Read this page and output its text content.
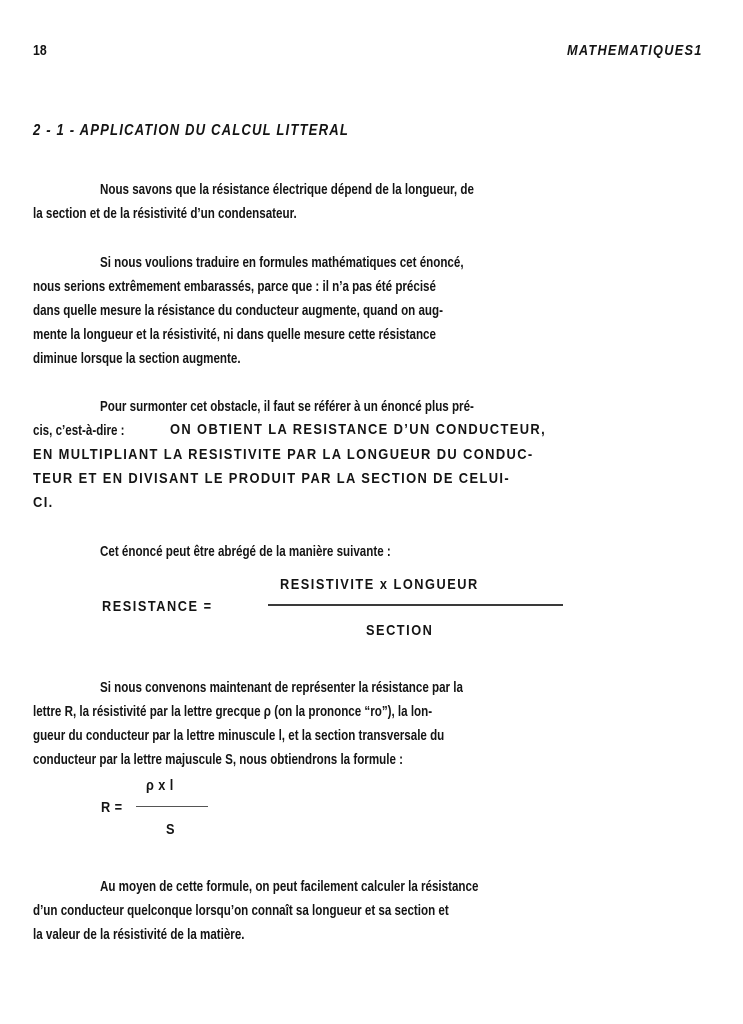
18	MATHEMATIQUES1
2 - 1 - APPLICATION DU CALCUL LITTERAL
Nous savons que la résistance électrique dépend de la longueur, de
la section et de la résistivité d’un condensateur.
Si nous voulions traduire en formules mathématiques cet énoncé,
nous serions extrêmement embarassés, parce que : il n’a pas été précisé
dans quelle mesure la résistance du conducteur augmente, quand on aug-
mente la longueur et la résistivité, ni dans quelle mesure cette résistance
diminue lorsque la section augmente.
Pour surmonter cet obstacle, il faut se référer à un énoncé plus pré-
cis, c’est-à-dire :	ON OBTIENT LA RESISTANCE D’UN CONDUCTEUR,
EN MULTIPLIANT LA RESISTIVITE PAR LA LONGUEUR DU CONDUC-
TEUR ET EN DIVISANT LE PRODUIT PAR LA SECTION DE CELUI-
CI.
Cet énoncé peut être abrégé de la manière suivante :
RESISTANCE =
RESISTIVITE x LONGUEUR
SECTION
Si nous convenons maintenant de représenter la résistance par la
lettre R, la résistivité par la lettre grecque ρ (on la prononce “ro”), la lon-
gueur du conducteur par la lettre minuscule l, et la section transversale du
conducteur par la lettre majuscule S, nous obtiendrons la formule :
R =
ρ x l
S
Au moyen de cette formule, on peut facilement calculer la résistance
d’un conducteur quelconque lorsqu’on connaît sa longueur et sa section et
la valeur de la résistivité de la matière.
